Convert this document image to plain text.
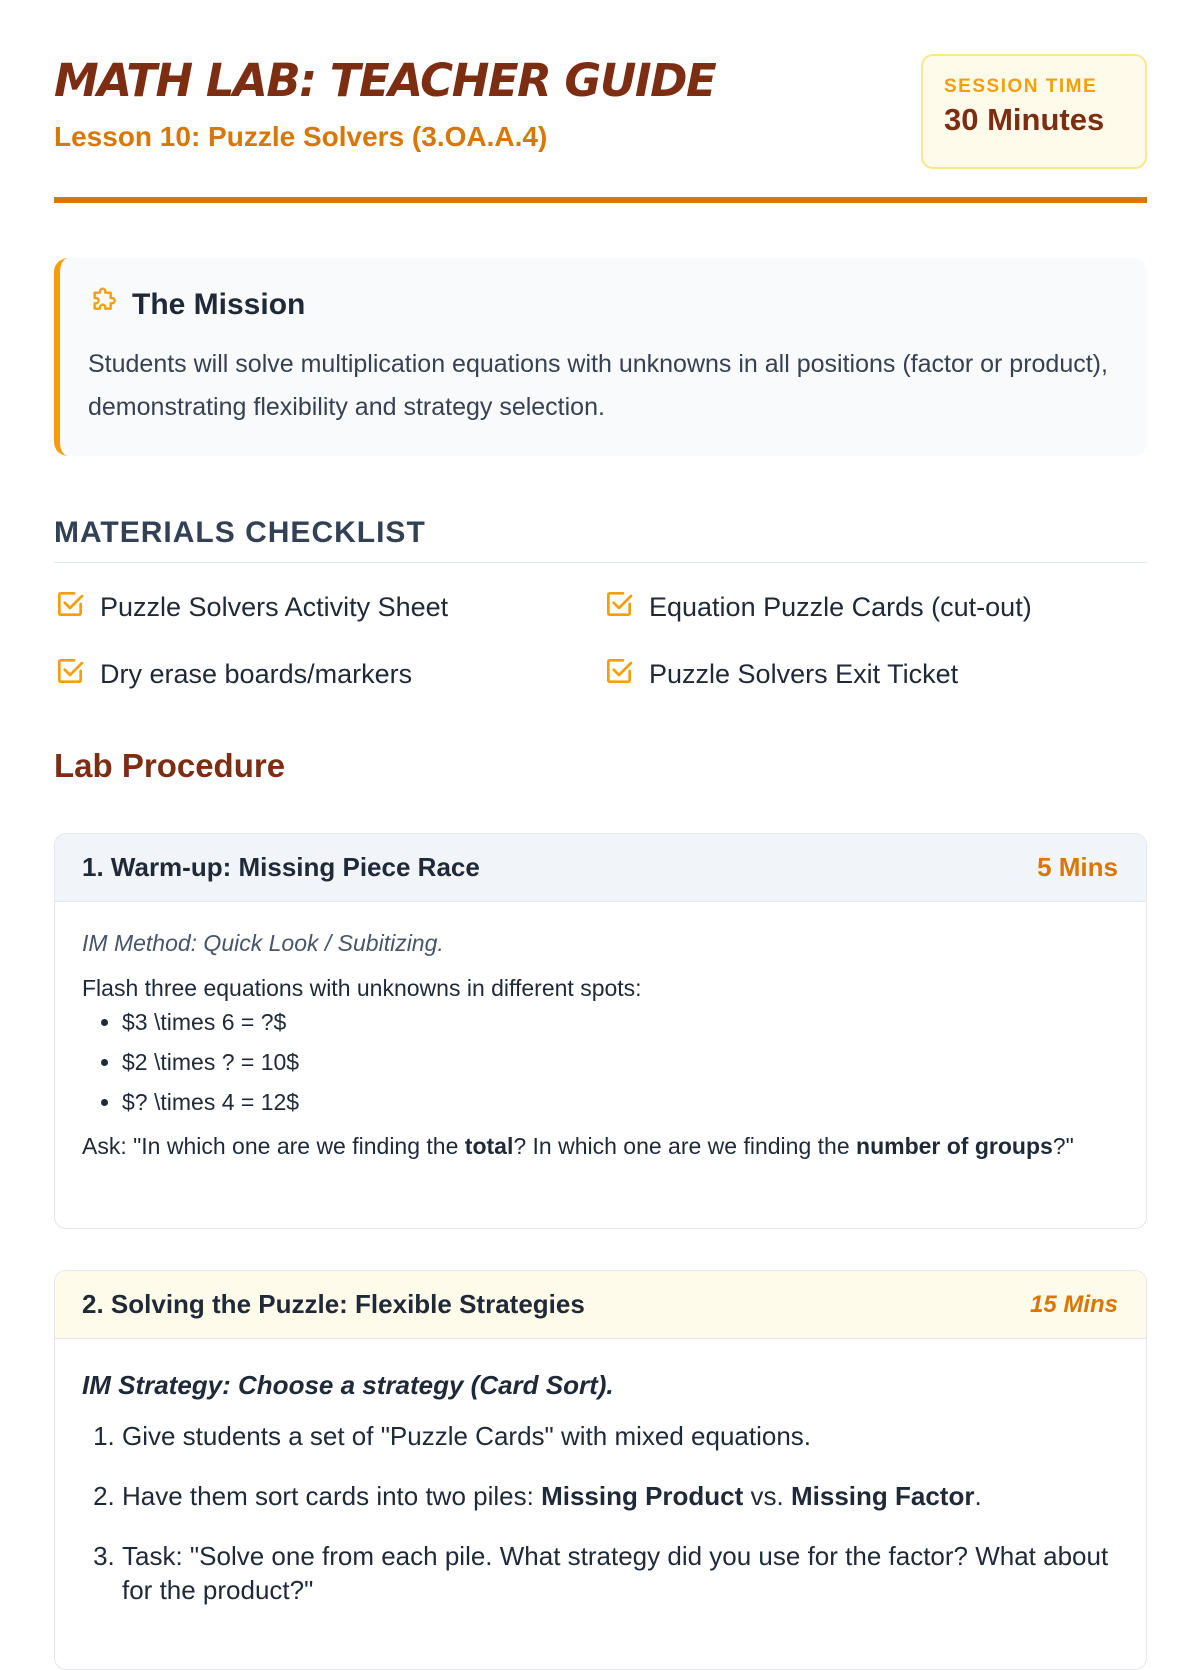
MATH LAB: TEACHER GUIDE
Lesson 10: Puzzle Solvers (3.OA.A.4)
SESSION TIME
30 Minutes
The Mission
Students will solve multiplication equations with unknowns in all positions (factor or product), demonstrating flexibility and strategy selection.
MATERIALS CHECKLIST
Puzzle Solvers Activity Sheet	Equation Puzzle Cards (cut-out)
Dry erase boards/markers	Puzzle Solvers Exit Ticket
Lab Procedure
1. Warm-up: Missing Piece Race	5 Mins
IM Method: Quick Look / Subitizing.
Flash three equations with unknowns in different spots:
• $3 \times 6 = ?$
• $2 \times ? = 10$
• $? \times 4 = 12$
Ask: "In which one are we finding the total? In which one are we finding the number of groups?"
2. Solving the Puzzle: Flexible Strategies	15 Mins
IM Strategy: Choose a strategy (Card Sort).
1. Give students a set of "Puzzle Cards" with mixed equations.
2. Have them sort cards into two piles: Missing Product vs. Missing Factor.
3. Task: "Solve one from each pile. What strategy did you use for the factor? What about for the product?"
